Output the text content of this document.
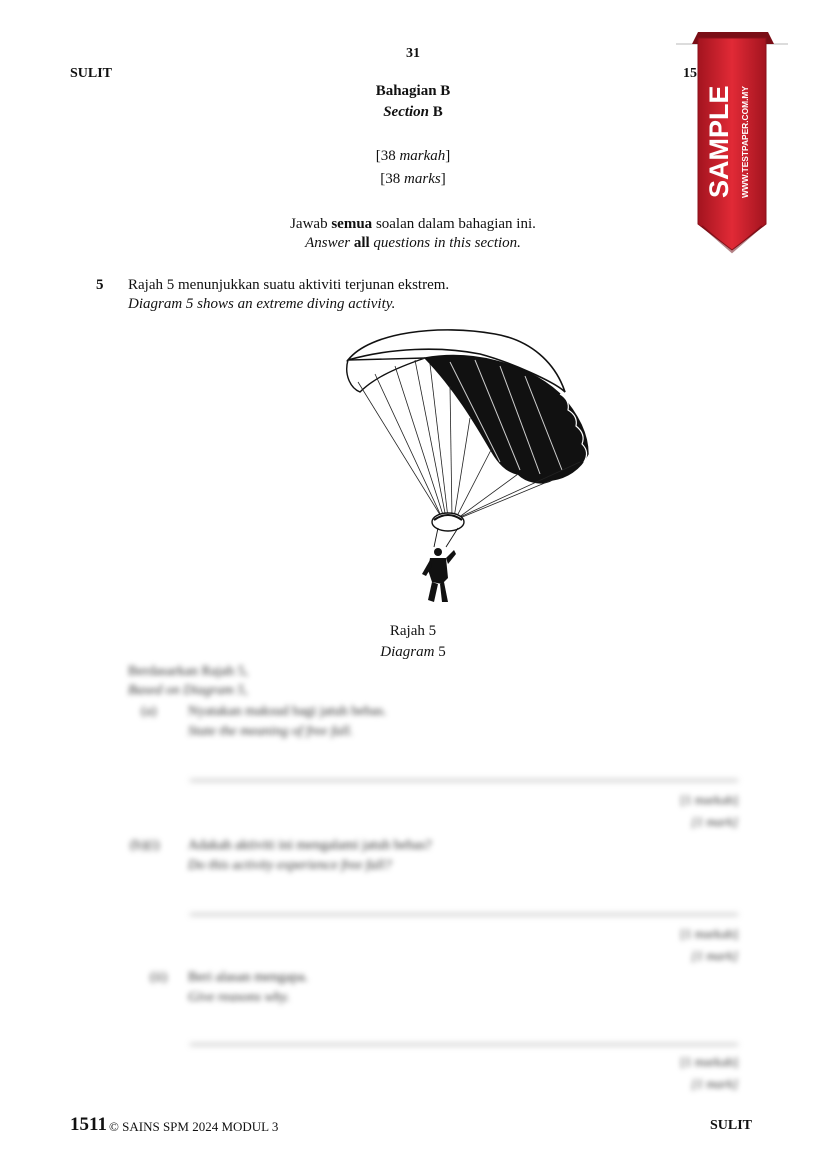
31
SULIT	15
Bahagian B
Section B
[38 markah]
[38 marks]
Jawab semua soalan dalam bahagian ini.
Answer all questions in this section.
5 Rajah 5 menunjukkan suatu aktiviti terjunan ekstrem.
Diagram 5 shows an extreme diving activity.
Rajah 5
Diagram 5
Berdasarkan Rajah 5,
Based on Diagram 5,
(a) Nyatakan maksud bagi jatuh bebas.
State the meaning of free fall.
[1 markah]
[1 mark]
(b)(i) Adakah aktiviti ini mengalami jatuh bebas?
Do this activity experience free fall?
[1 markah]
[1 mark]
(ii) Beri alasan mengapa.
Give reasons why.
[1 markah]
[1 mark]
1511 © SAINS SPM 2024 MODUL 3	SULIT
SAMPLE WWW.TESTPAPER.COM.MY
